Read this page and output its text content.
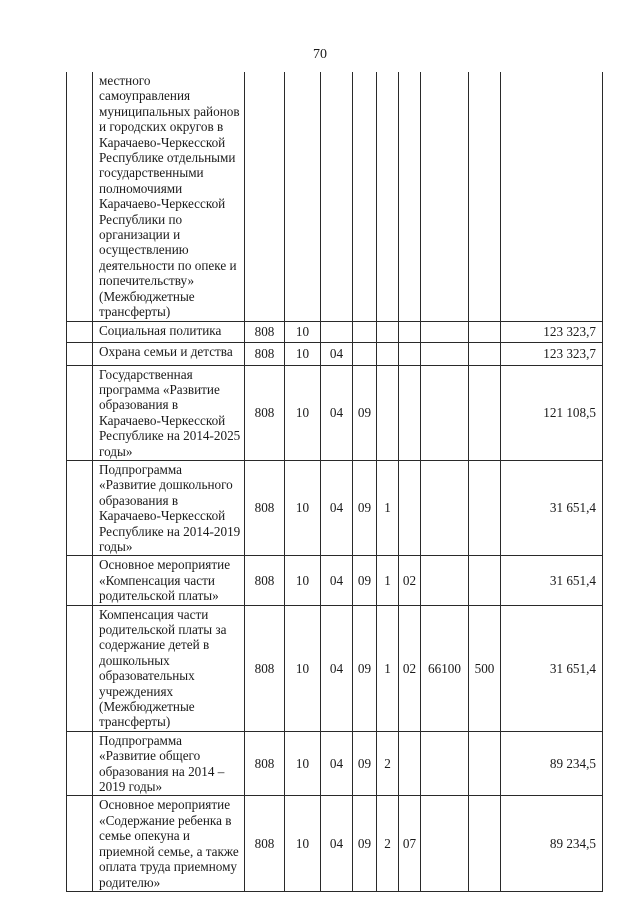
70
	местного самоуправления муниципальных районов и городских округов в Карачаево-Черкесской Республике отдельными государственными полномочиями Карачаево-Черкесской Республики по организации и осуществлению деятельности по опеке и попечительству» (Межбюджетные трансферты)									
	Социальная политика	808	10							123 323,7
	Охрана семьи и детства	808	10	04						123 323,7
	Государственная программа «Развитие образования в Карачаево-Черкесской Республике на 2014-2025 годы»	808	10	04	09					121 108,5
	Подпрограмма «Развитие дошкольного образования в Карачаево-Черкесской Республике на 2014-2019 годы»	808	10	04	09	1				31 651,4
	Основное мероприятие «Компенсация части родительской платы»	808	10	04	09	1	02			31 651,4
	Компенсация части родительской платы за содержание детей в дошкольных образовательных учреждениях (Межбюджетные трансферты)	808	10	04	09	1	02	66100	500	31 651,4
	Подпрограмма «Развитие общего образования на 2014 – 2019 годы»	808	10	04	09	2				89 234,5
	Основное мероприятие «Содержание ребенка в семье опекуна и приемной семье, а также оплата труда приемному родителю»	808	10	04	09	2	07			89 234,5
